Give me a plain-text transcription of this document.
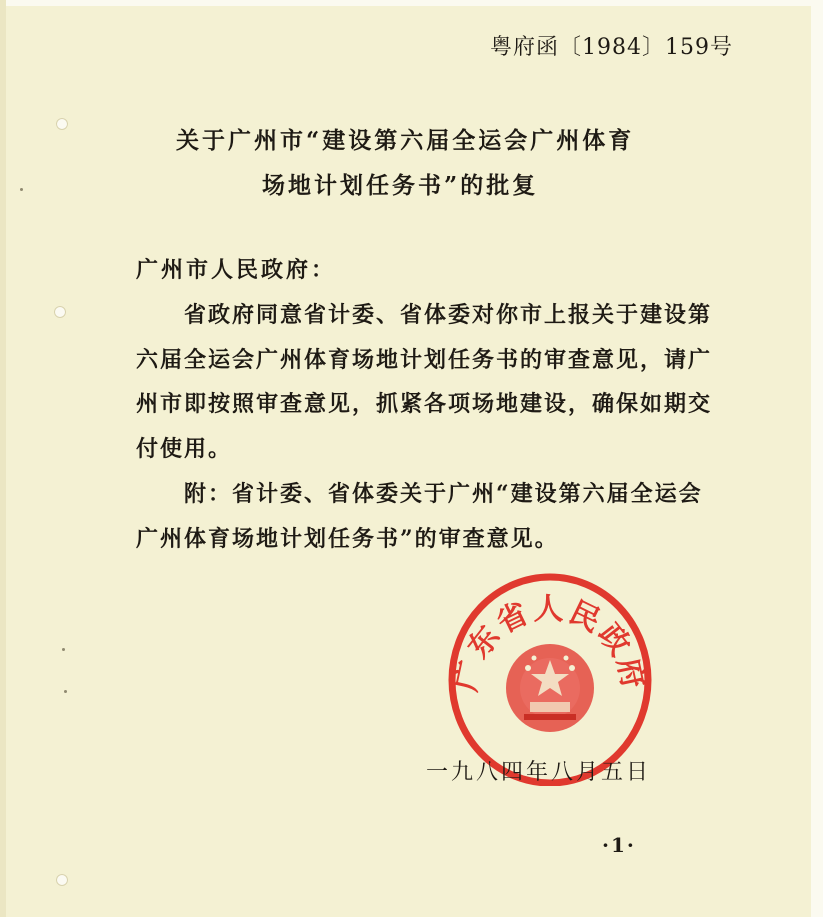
粤府函〔1984〕159号
关于广州市“建设第六届全运会广州体育
场地计划任务书”的批复

广州市人民政府：

省政府同意省计委、省体委对你市上报关于建设第六届全运会广州体育场地计划任务书的审查意见，请广州市即按照审查意见，抓紧各项场地建设，确保如期交付使用。

附：省计委、省体委关于广州“建设第六届全运会广州体育场地计划任务书”的审查意见。

广东省人民政府
一九八四年八月五日
·1·
